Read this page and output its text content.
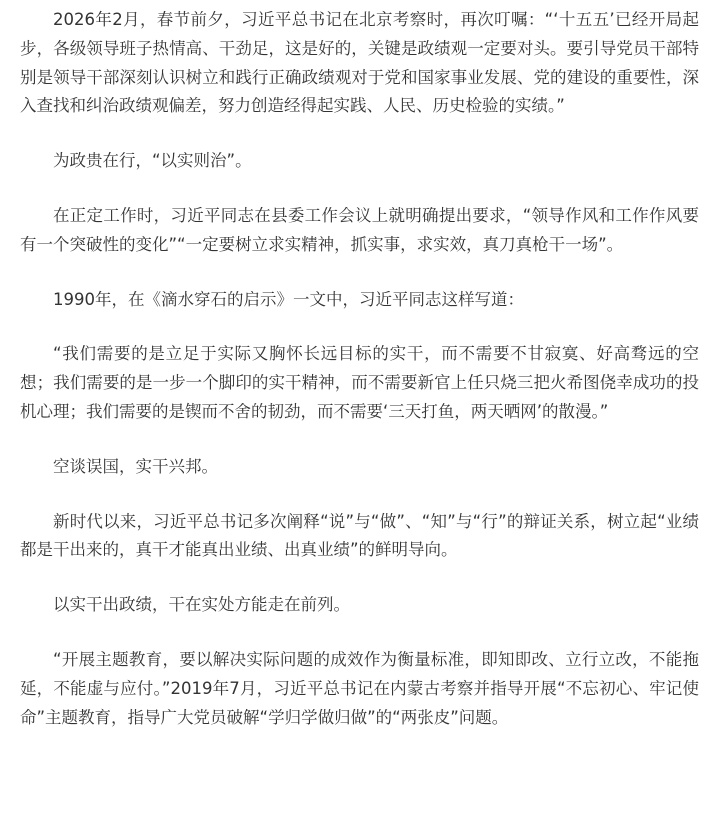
2026年2月，春节前夕，习近平总书记在北京考察时，再次叮嘱：“‘十五五’已经开局起步，各级领导班子热情高、干劲足，这是好的，关键是政绩观一定要对头。要引导党员干部特别是领导干部深刻认识树立和践行正确政绩观对于党和国家事业发展、党的建设的重要性，深入查找和纠治政绩观偏差，努力创造经得起实践、人民、历史检验的实绩。”

为政贵在行，“以实则治”。

在正定工作时，习近平同志在县委工作会议上就明确提出要求，“领导作风和工作作风要有一个突破性的变化”“一定要树立求实精神，抓实事，求实效，真刀真枪干一场”。

1990年，在《滴水穿石的启示》一文中，习近平同志这样写道：

“我们需要的是立足于实际又胸怀长远目标的实干，而不需要不甘寂寞、好高骛远的空想；我们需要的是一步一个脚印的实干精神，而不需要新官上任只烧三把火希图侥幸成功的投机心理；我们需要的是锲而不舍的韧劲，而不需要‘三天打鱼，两天晒网’的散漫。”

空谈误国，实干兴邦。

新时代以来，习近平总书记多次阐释“说”与“做”、“知”与“行”的辩证关系，树立起“业绩都是干出来的，真干才能真出业绩、出真业绩”的鲜明导向。

以实干出政绩，干在实处方能走在前列。

“开展主题教育，要以解决实际问题的成效作为衡量标准，即知即改、立行立改，不能拖延，不能虚与应付。”2019年7月，习近平总书记在内蒙古考察并指导开展“不忘初心、牢记使命”主题教育，指导广大党员破解“学归学做归做”的“两张皮”问题。
